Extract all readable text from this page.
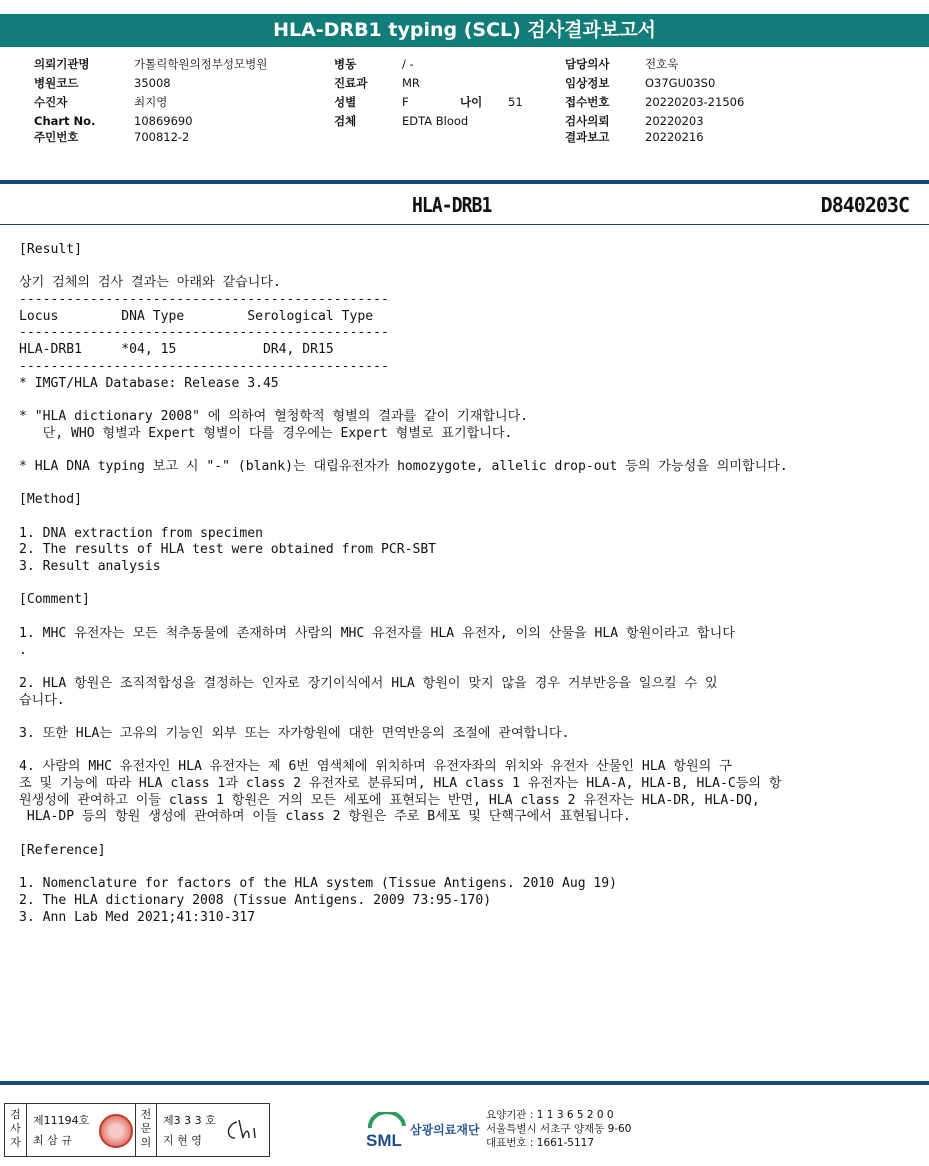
HLA-DRB1 typing (SCL) 검사결과보고서
의뢰기관명	가톨릭학원의정부성모병원
병원코드	35008
수진자	최지영
Chart No.	10869690
주민번호	700812-2
병동	/ -
진료과	MR
성별	F	나이	51
검체	EDTA Blood
담당의사	전호욱
임상정보	O37GU03S0
접수번호	20220203-21506
검사의뢰	20220203
결과보고	20220216
HLA-DRB1	D840203C
[Result]
상기 검체의 검사 결과는 아래와 같습니다.
-----------------------------------------------
Locus        DNA Type        Serological Type
-----------------------------------------------
HLA-DRB1     *04, 15           DR4, DR15
-----------------------------------------------
* IMGT/HLA Database: Release 3.45
* "HLA dictionary 2008" 에 의하여 혈청학적 형별의 결과를 같이 기재합니다.
단, WHO 형별과 Expert 형별이 다를 경우에는 Expert 형별로 표기합니다.
* HLA DNA typing 보고 시 "-" (blank)는 대립유전자가 homozygote, allelic drop-out 등의 가능성을 의미합니다.
[Method]
1. DNA extraction from specimen
2. The results of HLA test were obtained from PCR-SBT
3. Result analysis
[Comment]
1. MHC 유전자는 모든 척추동물에 존재하며 사람의 MHC 유전자를 HLA 유전자, 이의 산물을 HLA 항원이라고 합니다
.
2. HLA 항원은 조직적합성을 결정하는 인자로 장기이식에서 HLA 항원이 맞지 않을 경우 거부반응을 일으킬 수 있
습니다.
3. 또한 HLA는 고유의 기능인 외부 또는 자가항원에 대한 면역반응의 조절에 관여합니다.
4. 사람의 MHC 유전자인 HLA 유전자는 제 6번 염색체에 위치하며 유전자좌의 위치와 유전자 산물인 HLA 항원의 구
조 및 기능에 따라 HLA class 1과 class 2 유전자로 분류되며, HLA class 1 유전자는 HLA-A, HLA-B, HLA-C등의 항
원생성에 관여하고 이들 class 1 항원은 거의 모든 세포에 표현되는 반면, HLA class 2 유전자는 HLA-DR, HLA-DQ,
HLA-DP 등의 항원 생성에 관여하며 이들 class 2 항원은 주로 B세포 및 단핵구에서 표현됩니다.
[Reference]
1. Nomenclature for factors of the HLA system (Tissue Antigens. 2010 Aug 19)
2. The HLA dictionary 2008 (Tissue Antigens. 2009 73:95-170)
3. Ann Lab Med 2021;41:310-317
검사자
제11194호
최 삼 규
전문의
제3 3 3 호
지 현 영	SML
삼광의료재단
요양기관 : 1 1 3 6 5 2 0 0
서울특별시 서초구 양재동 9-60
대표번호 : 1661-5117
